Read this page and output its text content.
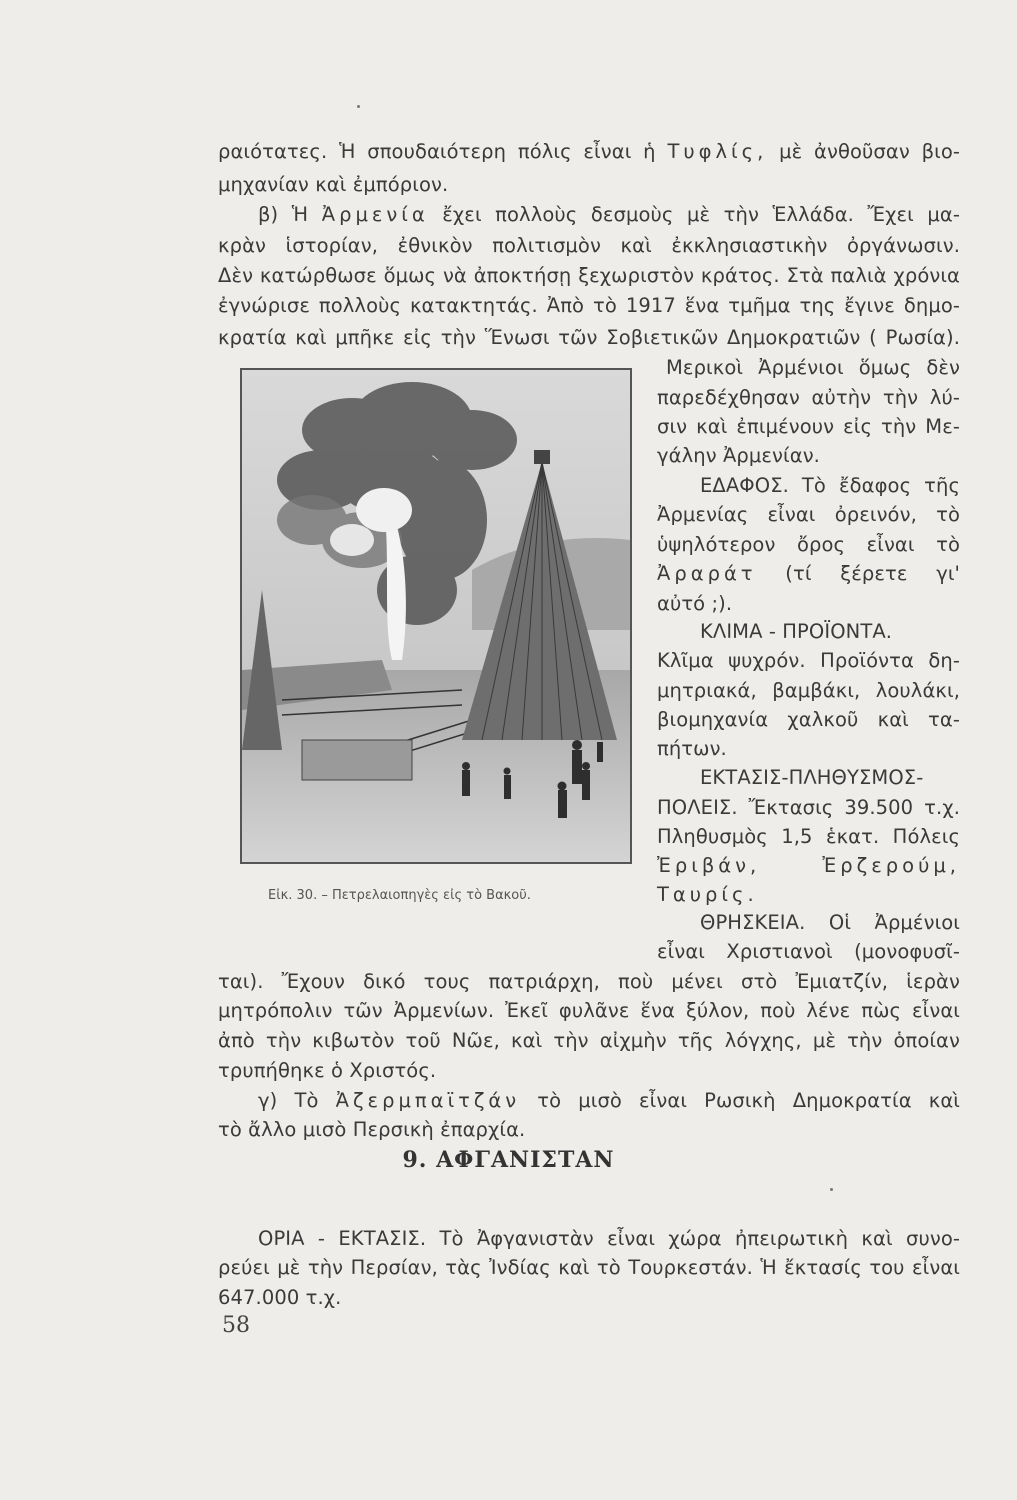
ραιότατες. Ἡ σπουδαιότερη πόλις εἶναι ἡ Τυφλίς, μὲ ἀνθοῦσαν βιο-
μηχανίαν καὶ ἐμπόριον.
β) Ἡ Ἀρμενία ἔχει πολλοὺς δεσμοὺς μὲ τὴν Ἑλλάδα. Ἔχει μα-
κρὰν ἱστορίαν, ἐθνικὸν πολιτισμὸν καὶ ἐκκλησιαστικὴν ὀργάνωσιν.
Δὲν κατώρθωσε ὅμως νὰ ἀποκτήσῃ ξεχωριστὸν κράτος. Στὰ παλιὰ χρόνια
ἐγνώρισε πολλοὺς κατακτητάς. Ἀπὸ τὸ 1917 ἕνα τμῆμα της ἔγινε δημο-
κρατία καὶ μπῆκε εἰς τὴν Ἕνωσι τῶν Σοβιετικῶν Δημοκρατιῶν ( Ρωσία).
Εἰκ. 30. – Πετρελαιοπηγὲς εἰς τὸ Βακοῦ.
Μερικοὶ Ἀρμένιοι ὅμως δὲν
παρεδέχθησαν αὐτὴν τὴν λύ-
σιν καὶ ἐπιμένουν εἰς τὴν Με-
γάλην Ἀρμενίαν.
ΕΔΑΦΟΣ. Τὸ ἔδαφος τῆς
Ἀρμενίας εἶναι ὀρεινόν, τὸ
ὑψηλότερον ὄρος εἶναι τὸ
Ἀραράτ (τί ξέρετε γι'
αὐτό ;).
ΚΛΙΜΑ - ΠΡΟΪΟΝΤΑ.
Κλῖμα ψυχρόν. Προϊόντα δη-
μητριακά, βαμβάκι, λουλάκι,
βιομηχανία χαλκοῦ καὶ τα-
πήτων.
ΕΚΤΑΣΙΣ-ΠΛΗΘΥΣΜΟΣ-
ΠΟΛΕΙΣ. Ἔκτασις 39.500 τ.χ.
Πληθυσμὸς 1,5 ἑκατ. Πόλεις
Ἐριβάν,	Ἐρζερούμ,
Ταυρίς.
ΘΡΗΣΚΕΙΑ. Οἱ Ἀρμένιοι
εἶναι Χριστιανοὶ (μονοφυσῖ-
ται). Ἔχουν δικό τους πατριάρχη, ποὺ μένει στὸ Ἐμιατζίν, ἱερὰν
μητρόπολιν τῶν Ἀρμενίων. Ἐκεῖ φυλᾶνε ἕνα ξύλον, ποὺ λένε πὼς εἶναι
ἀπὸ τὴν κιβωτὸν τοῦ Νῶε, καὶ τὴν αἰχμὴν τῆς λόγχης, μὲ τὴν ὁποίαν
τρυπήθηκε ὁ Χριστός.
γ) Τὸ Ἀζερμπαϊτζάν τὸ μισὸ εἶναι Ρωσικὴ Δημοκρατία καὶ
τὸ ἄλλο μισὸ Περσικὴ ἐπαρχία.
9. ΑΦΓΑΝΙΣΤΑΝ
ΟΡΙΑ - ΕΚΤΑΣΙΣ. Τὸ Ἀφγανιστὰν εἶναι χώρα ἠπειρωτικὴ καὶ συνο-
ρεύει μὲ τὴν Περσίαν, τὰς Ἰνδίας καὶ τὸ Τουρκεστάν. Ἡ ἔκτασίς του εἶναι
647.000 τ.χ.
58
